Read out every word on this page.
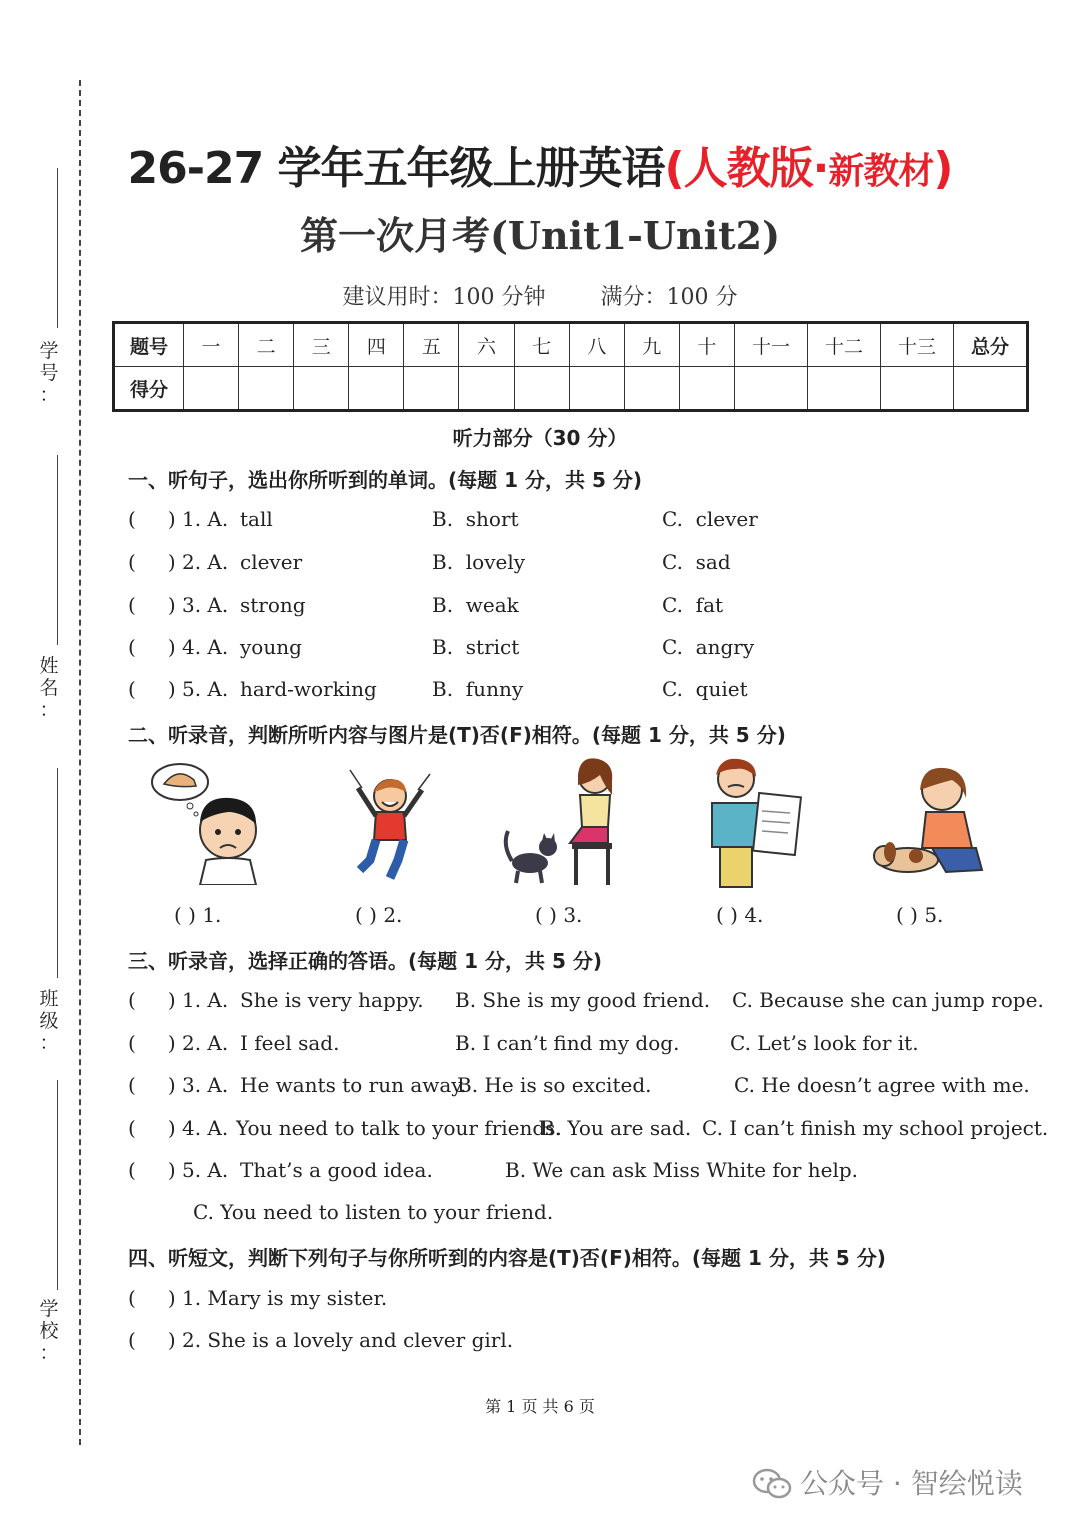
学
号
：
姓
名
：
班
级
：
学
校
：
26-27 学年五年级上册英语(人教版·新教材)
第一次月考(Unit1-Unit2)
建议用时：100 分钟	满分：100 分
题号	一	二	三	四	五	六	七	八	九	十	十一	十二	十三	总分
得分														
听力部分（30 分）
一、听句子，选出你所听到的单词。(每题 1 分，共 5 分)
( ) 1. A. tall	B. short	C. clever
( ) 2. A. clever	B. lovely	C. sad
( ) 3. A. strong	B. weak	C. fat
( ) 4. A. young	B. strict	C. angry
( ) 5. A. hard-working	B. funny	C. quiet
二、听录音，判断所听内容与图片是(T)否(F)相符。(每题 1 分，共 5 分)
( ) 1.	( ) 2.	( ) 3.	( ) 4.	( ) 5.
三、听录音，选择正确的答语。(每题 1 分，共 5 分)
( ) 1. A. She is very happy. B. She is my good friend. C. Because she can jump rope.
( ) 2. A. I feel sad.	B. I can’t find my dog.	C. Let’s look for it.
( ) 3. A. He wants to run away.
B. He is so excited.	C. He doesn’t agree with me.
( ) 4. A. You need to talk to your friends.
B. You are sad. C. I can’t finish my school project.
( ) 5. A. That’s a good idea.	B. We can ask Miss White for help.
C. You need to listen to your friend.
四、听短文，判断下列句子与你所听到的内容是(T)否(F)相符。(每题 1 分，共 5 分)
( ) 1. Mary is my sister.
( ) 2. She is a lovely and clever girl.
第 1 页 共 6 页
公众号 · 智绘悦读
